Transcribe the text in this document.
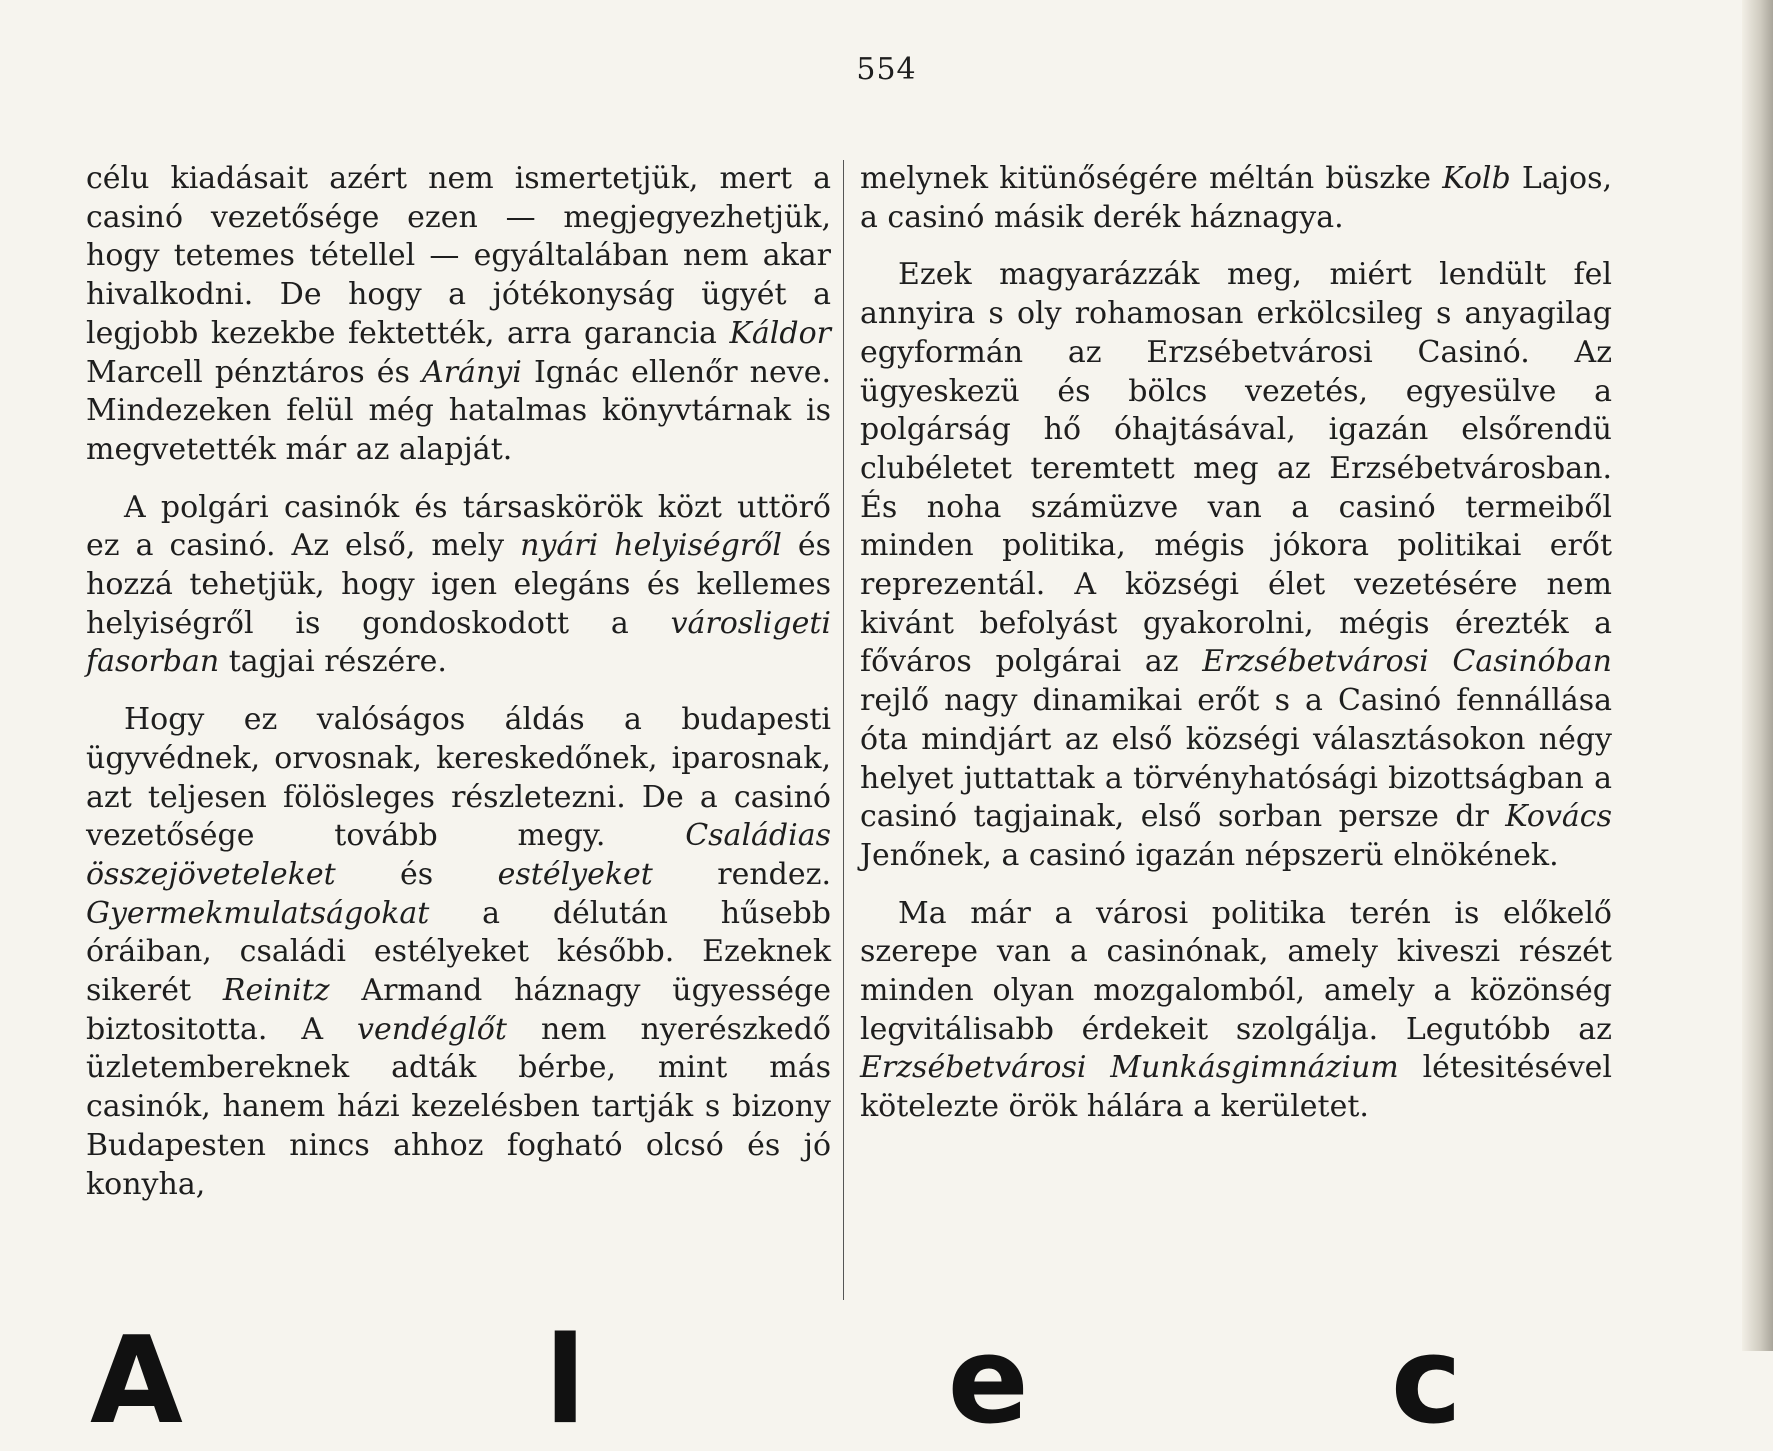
554

célu kiadásait azért nem ismertetjük, mert a casinó vezetősége ezen — megjegyezhetjük, hogy tetemes tétellel — egyáltalában nem akar hivalkodni. De hogy a jótékonyság ügyét a legjobb kezekbe fektették, arra garancia Káldor Marcell pénztáros és Arányi Ignác ellenőr neve. Mindezeken felül még hatalmas könyvtárnak is megvetették már az alapját.

A polgári casinók és társaskörök közt uttörő ez a casinó. Az első, mely nyári helyiségről és hozzá tehetjük, hogy igen elegáns és kellemes helyiségről is gondoskodott a városligeti fasorban tagjai részére.

Hogy ez valóságos áldás a budapesti ügyvédnek, orvosnak, kereskedőnek, iparosnak, azt teljesen fölösleges részletezni. De a casinó vezetősége tovább megy. Családias összejöveteleket és estélyeket rendez. Gyermekmulatságokat a délután hűsebb óráiban, családi estélyeket később. Ezeknek sikerét Reinitz Armand háznagy ügyessége biztositotta. A vendéglőt nem nyerészkedő üzletembereknek adták bérbe, mint más casinók, hanem házi kezelésben tartják s bizony Budapesten nincs ahhoz fogható olcsó és jó konyha,

melynek kitünőségére méltán büszke Kolb Lajos, a casinó másik derék háznagya.

Ezek magyarázzák meg, miért lendült fel annyira s oly rohamosan erkölcsileg s anyagilag egyformán az Erzsébetvárosi Casinó. Az ügyeskezü és bölcs vezetés, egyesülve a polgárság hő óhajtásával, igazán elsőrendü clubéletet teremtett meg az Erzsébetvárosban. És noha számüzve van a casinó termeiből minden politika, mégis jókora politikai erőt reprezentál. A községi élet vezetésére nem kivánt befolyást gyakorolni, mégis érezték a főváros polgárai az Erzsébetvárosi Casinóban rejlő nagy dinamikai erőt s a Casinó fennállása óta mindjárt az első községi választásokon négy helyet juttattak a törvényhatósági bizottságban a casinó tagjainak, első sorban persze dr Kovács Jenőnek, a casinó igazán népszerü elnökének.

Ma már a városi politika terén is előkelő szerepe van a casinónak, amely kiveszi részét minden olyan mozgalomból, amely a közönség legvitálisabb érdekeit szolgálja. Legutóbb az Erzsébetvárosi Munkásgimnázium létesitésével kötelezte örök hálára a kerületet.

A l e c
